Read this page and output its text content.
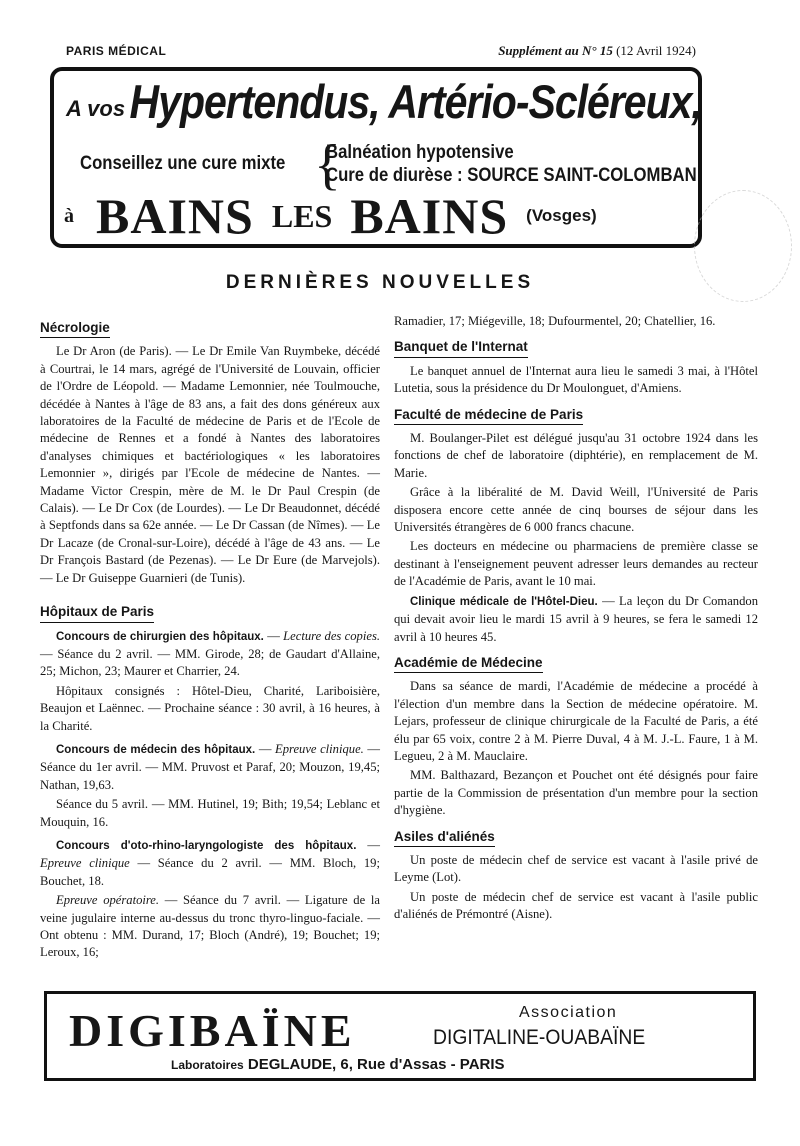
PARIS MÉDICAL	Supplément au N° 15 (12 Avril 1924)
A vos Hypertendus, Artério-Scléreux,
Conseillez une cure mixte {
Balnéation hypotensive
Cure de diurèse : SOURCE SAINT-COLOMBAN
à BAINS LES BAINS (Vosges)
DERNIÈRES NOUVELLES
Nécrologie

Le Dr Aron (de Paris). — Le Dr Emile Van Ruymbeke, décédé à Courtrai, le 14 mars, agrégé de l'Université de Louvain, officier de l'Ordre de Léopold. — Madame Lemonnier, née Toulmouche, décédée à Nantes à l'âge de 83 ans, a fait des dons généreux aux laboratoires de la Faculté de médecine de Paris et de l'Ecole de médecine de Rennes et a fondé à Nantes des laboratoires d'analyses chimiques et bactériologiques « les laboratoires Lemonnier », dirigés par l'Ecole de médecine de Nantes. — Madame Victor Crespin, mère de M. le Dr Paul Crespin (de Calais). — Le Dr Cox (de Lourdes). — Le Dr Beaudonnet, décédé à Septfonds dans sa 62e année. — Le Dr Cassan (de Nîmes). — Le Dr Lacaze (de Cronal-sur-Loire), décédé à l'âge de 43 ans. — Le Dr François Bastard (de Pezenas). — Le Dr Eure (de Marvejols). — Le Dr Guiseppe Guarnieri (de Tunis).

Hôpitaux de Paris

Concours de chirurgien des hôpitaux. — Lecture des copies. — Séance du 2 avril. — MM. Girode, 28; de Gaudart d'Allaine, 25; Michon, 23; Maurer et Charrier, 24.

Hôpitaux consignés : Hôtel-Dieu, Charité, Lariboisière, Beaujon et Laënnec. — Prochaine séance : 30 avril, à 16 heures, à la Charité.

Concours de médecin des hôpitaux. — Epreuve clinique. — Séance du 1er avril. — MM. Pruvost et Paraf, 20; Mouzon, 19,45; Nathan, 19,63.

Séance du 5 avril. — MM. Hutinel, 19; Bith; 19,54; Leblanc et Mouquin, 16.

Concours d'oto-rhino-laryngologiste des hôpitaux. — Epreuve clinique — Séance du 2 avril. — MM. Bloch, 19; Bouchet, 18.

Epreuve opératoire. — Séance du 7 avril. — Ligature de la veine jugulaire interne au-dessus du tronc thyro-linguo-faciale. — Ont obtenu : MM. Durand, 17; Bloch (André), 19; Bouchet; 19; Leroux, 16;

Ramadier, 17; Miégeville, 18; Dufourmentel, 20; Chatellier, 16.

Banquet de l'Internat

Le banquet annuel de l'Internat aura lieu le samedi 3 mai, à l'Hôtel Lutetia, sous la présidence du Dr Moulonguet, d'Amiens.

Faculté de médecine de Paris

M. Boulanger-Pilet est délégué jusqu'au 31 octobre 1924 dans les fonctions de chef de laboratoire (diphtérie), en remplacement de M. Marie.

Grâce à la libéralité de M. David Weill, l'Université de Paris disposera encore cette année de cinq bourses de séjour dans les Universités étrangères de 6 000 francs chacune.

Les docteurs en médecine ou pharmaciens de première classe se destinant à l'enseignement peuvent adresser leurs demandes au recteur de l'Académie de Paris, avant le 10 mai.

Clinique médicale de l'Hôtel-Dieu. — La leçon du Dr Comandon qui devait avoir lieu le mardi 15 avril à 9 heures, se fera le samedi 12 avril à 10 heures 45.

Académie de Médecine

Dans sa séance de mardi, l'Académie de médecine a procédé à l'élection d'un membre dans la Section de médecine opératoire. M. Lejars, professeur de clinique chirurgicale de la Faculté de Paris, a été élu par 65 voix, contre 2 à M. Pierre Duval, 4 à M. J.-L. Faure, 1 à M. Legueu, 2 à M. Mauclaire.

MM. Balthazard, Bezançon et Pouchet ont été désignés pour faire partie de la Commission de présentation d'un membre pour la section d'hygiène.

Asiles d'aliénés

Un poste de médecin chef de service est vacant à l'asile privé de Leyme (Lot).

Un poste de médecin chef de service est vacant à l'asile public d'aliénés de Prémontré (Aisne).

DIGIBAÏNE	Association
DIGITALINE-OUABAÏNE
Laboratoires DEGLAUDE, 6, Rue d'Assas - PARIS
